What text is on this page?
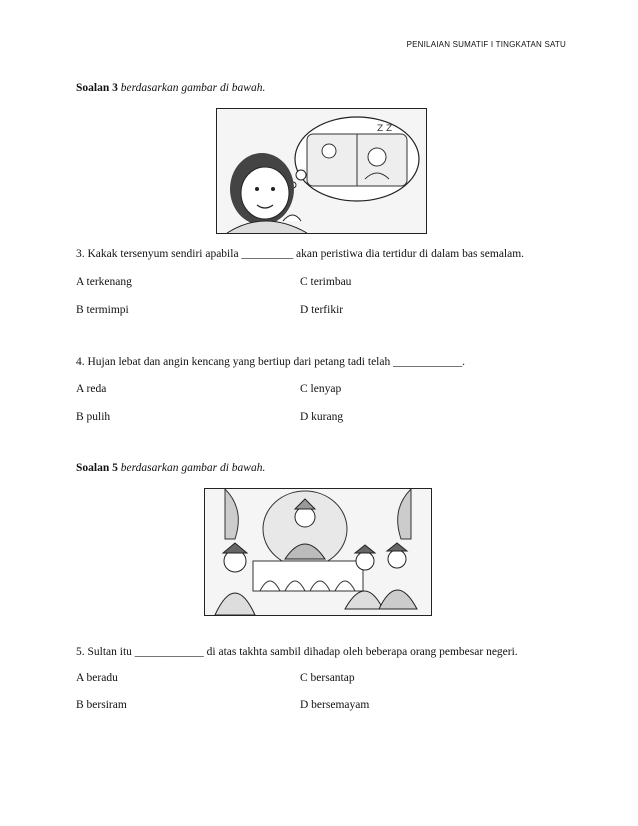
PENILAIAN SUMATIF I TINGKATAN SATU
Soalan 3 berdasarkan gambar di bawah.
Z Z
3. Kakak tersenyum sendiri apabila _________ akan peristiwa dia tertidur di dalam bas semalam.
A terkenang	C terimbau
B termimpi	D terfikir
4. Hujan lebat dan angin kencang yang bertiup dari petang tadi telah ____________.
A reda	C lenyap
B pulih	D kurang
Soalan 5 berdasarkan gambar di bawah.
5. Sultan itu ____________ di atas takhta sambil dihadap oleh beberapa orang pembesar negeri.
A beradu	C bersantap
B bersiram	D bersemayam
